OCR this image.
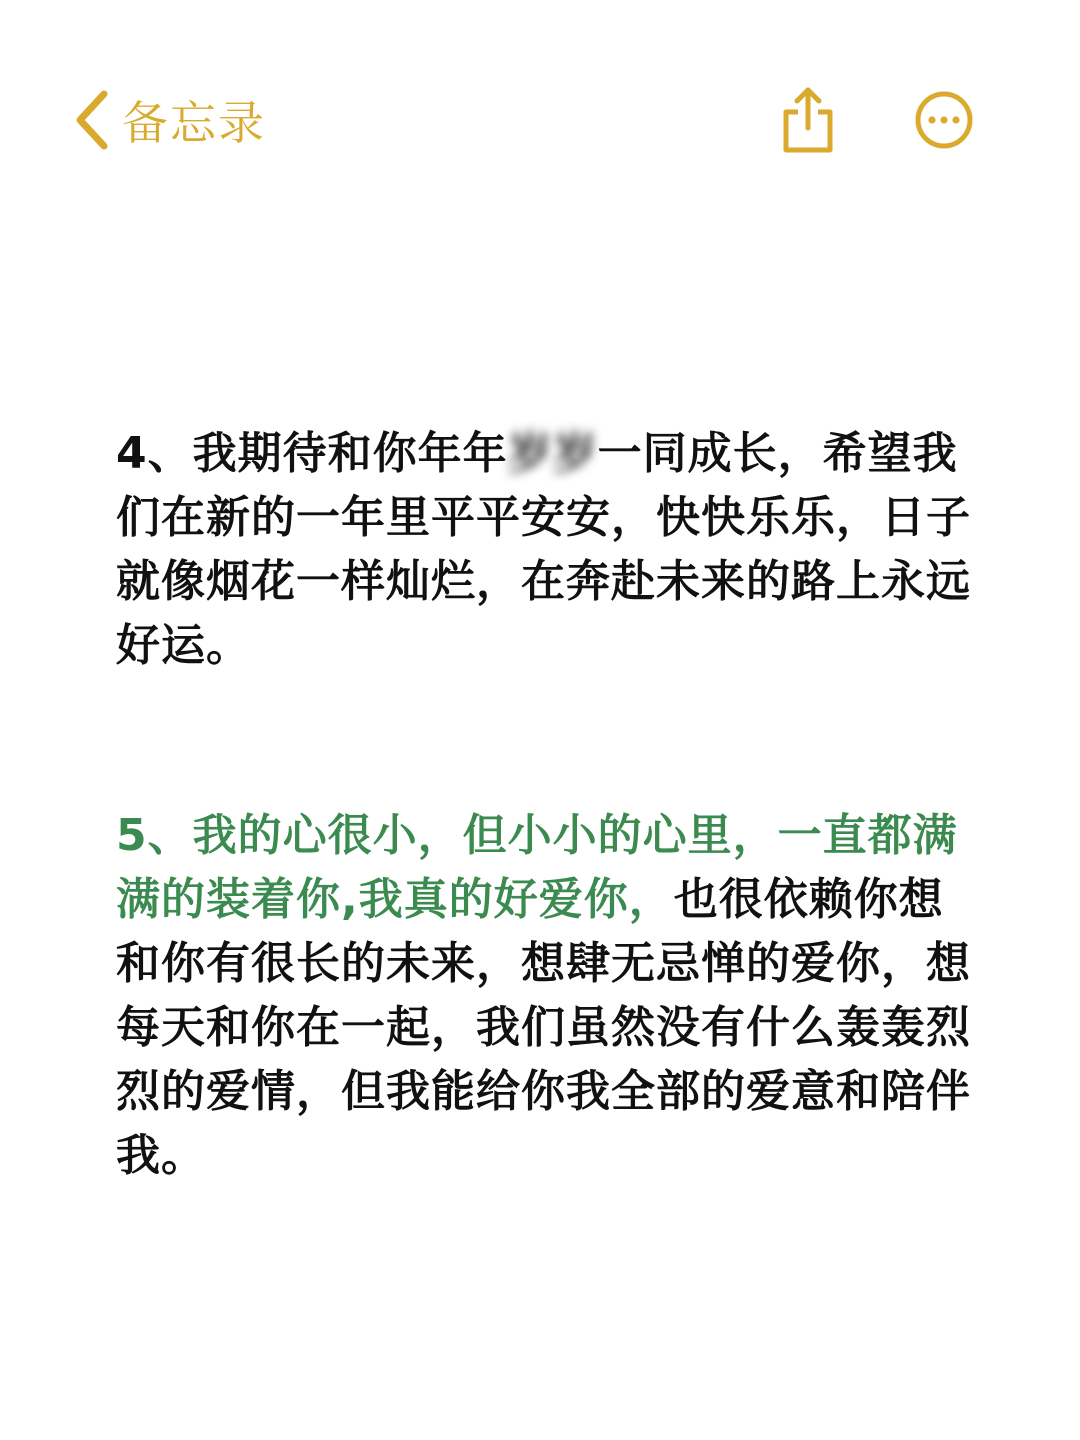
备忘录
4、我期待和你年年岁岁一同成长，希望我们在新的一年里平平安安，快快乐乐，日子就像烟花一样灿烂，在奔赴未来的路上永远好运。
5、我的心很小，但小小的心里，一直都满满的装着你,我真的好爱你，也很依赖你想和你有很长的未来，想肆无忌惮的爱你，想每天和你在一起，我们虽然没有什么轰轰烈烈的爱情，但我能给你我全部的爱意和陪伴我。
